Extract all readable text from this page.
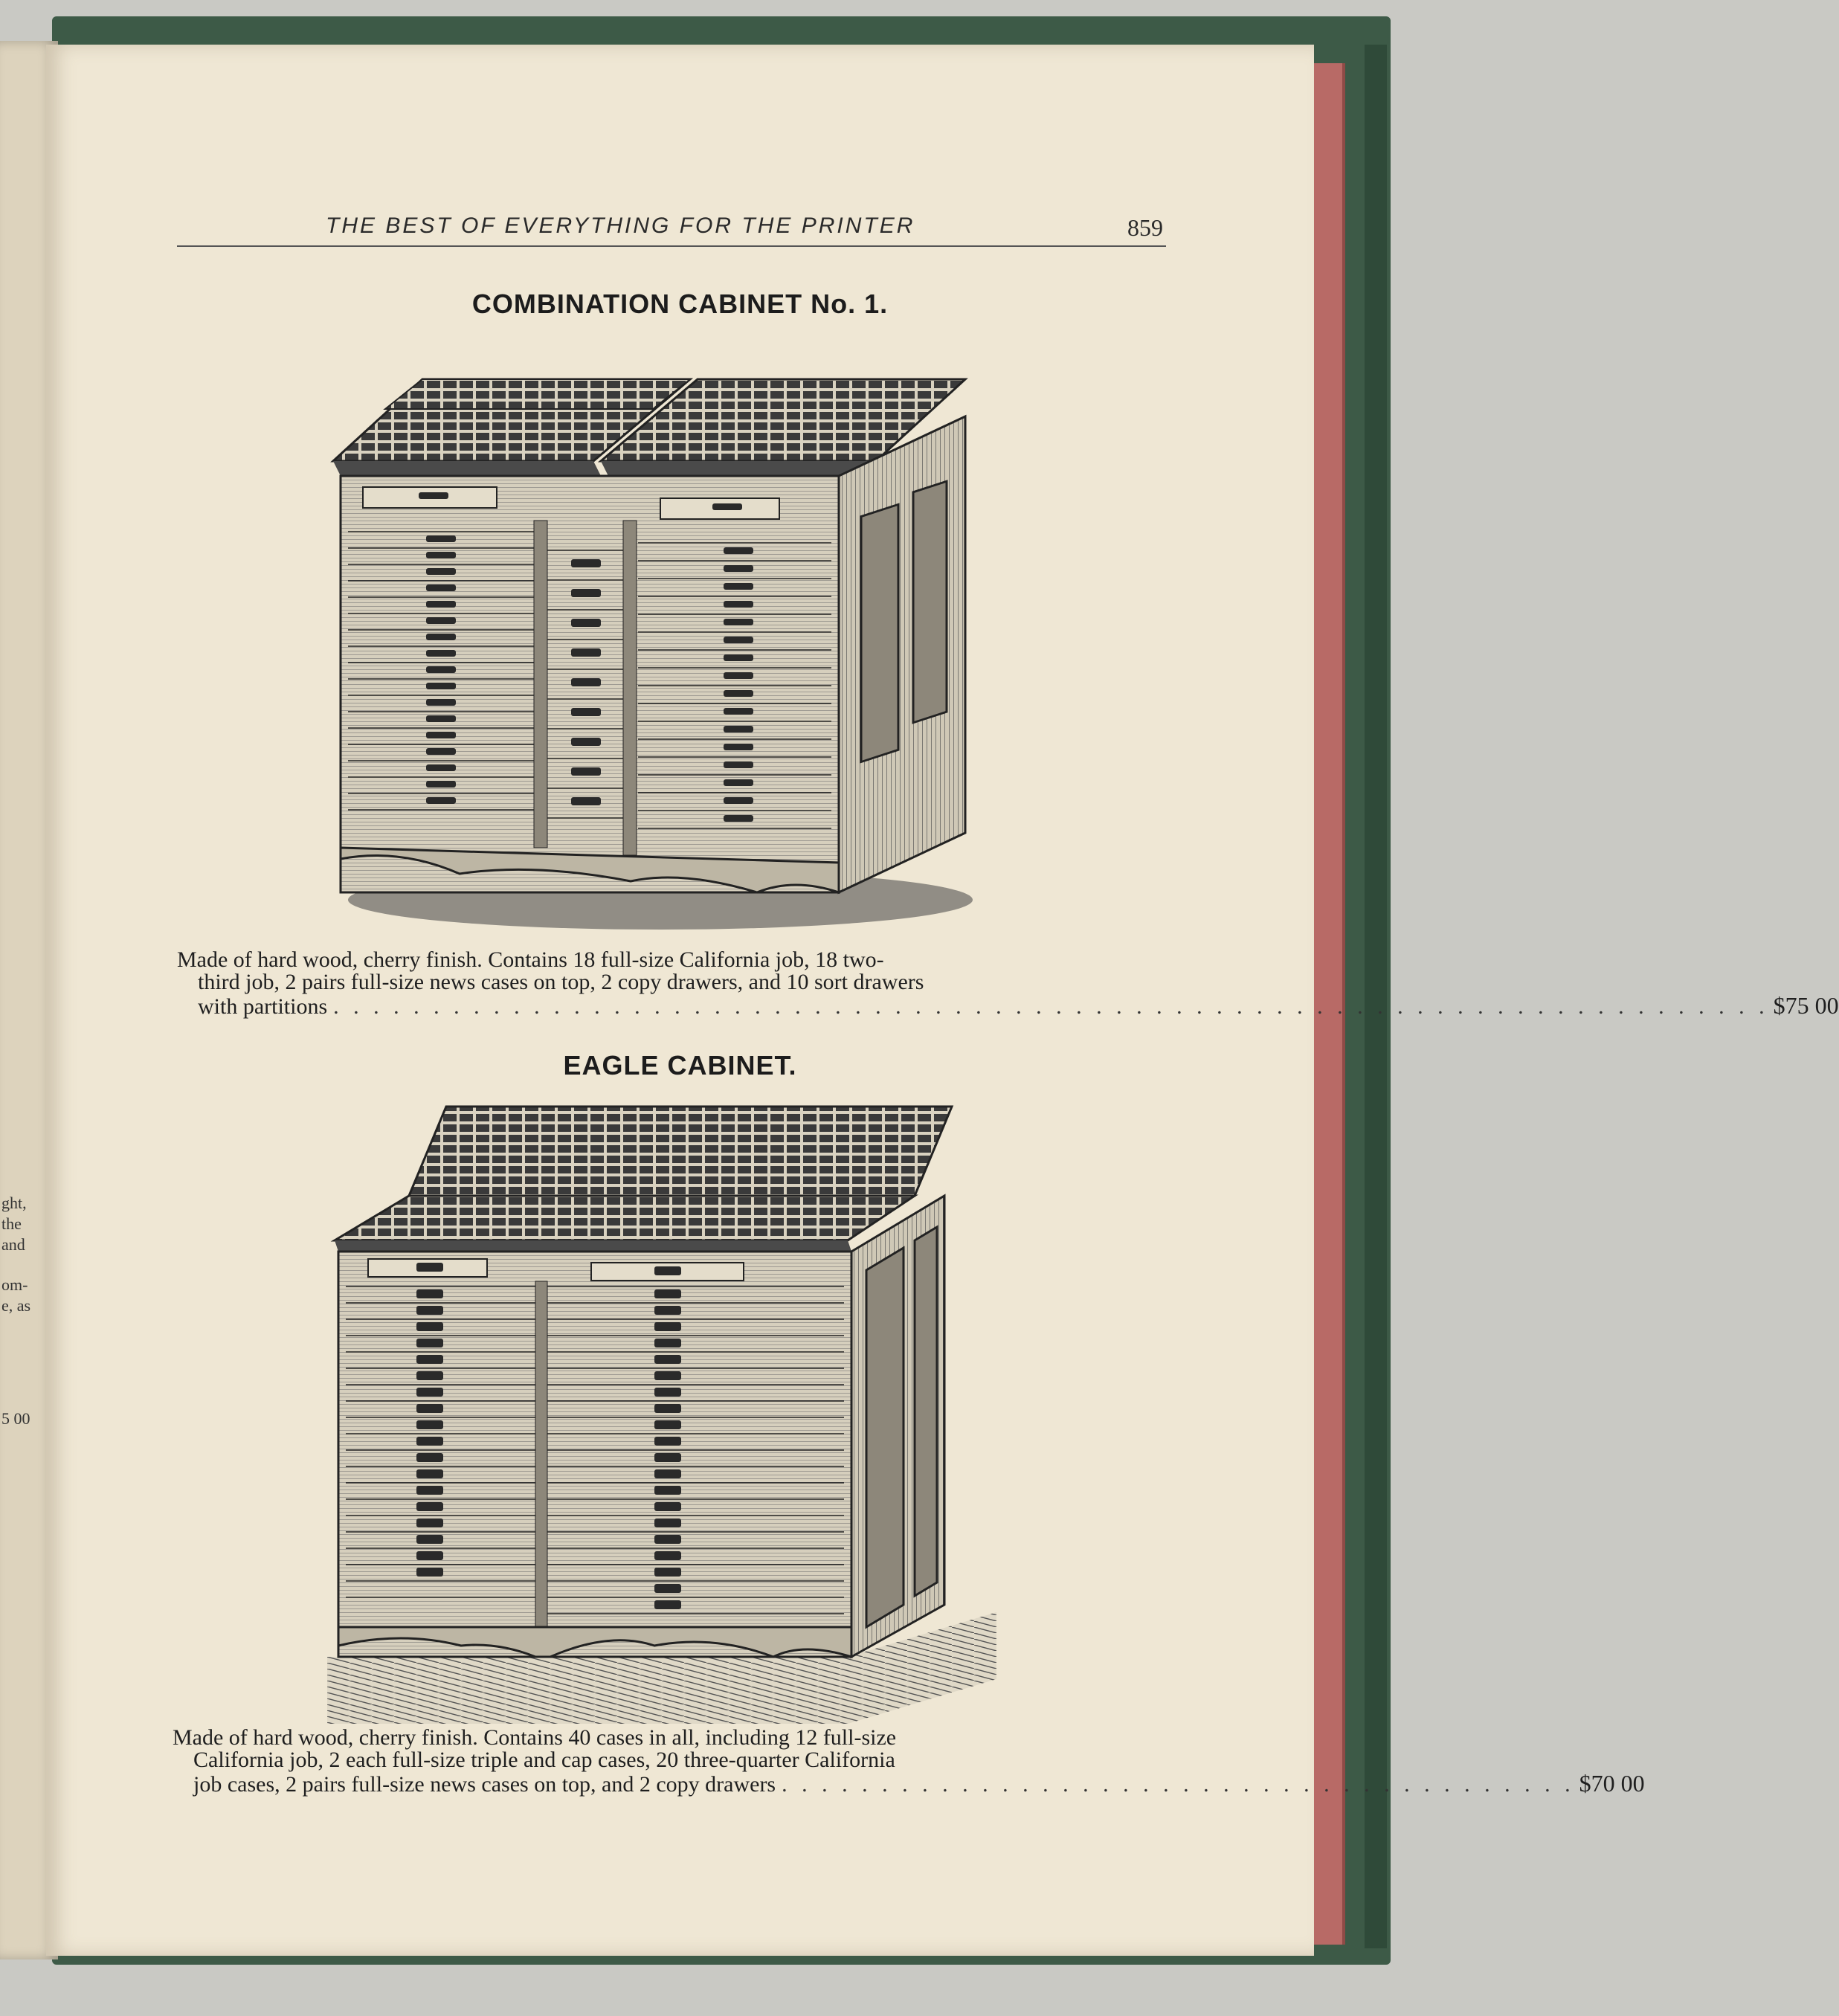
ght,
the
and
om-
e, as
5 00
THE BEST OF EVERYTHING FOR THE PRINTER	859
COMBINATION CABINET No. 1.
Made of hard wood, cherry finish. Contains 18 full-size California job, 18 two-
third job, 2 pairs full-size news cases on top, 2 copy drawers, and 10 sort drawers
with partitions . . . . . . . . . . . . . . . . . . . . . . . . . . . . . . . . . . . . . . . . . . . . . . . . . . . . . . . . . . . . . . . . . . . . . . . . $75 00
EAGLE CABINET.
Made of hard wood, cherry finish. Contains 40 cases in all, including 12 full-size
California job, 2 each full-size triple and cap cases, 20 three-quarter California
job cases, 2 pairs full-size news cases on top, and 2 copy drawers . . . . . . . . . . . . . . . . . . . . . . . . . . . . . . . . . . . . . . . . $70 00
